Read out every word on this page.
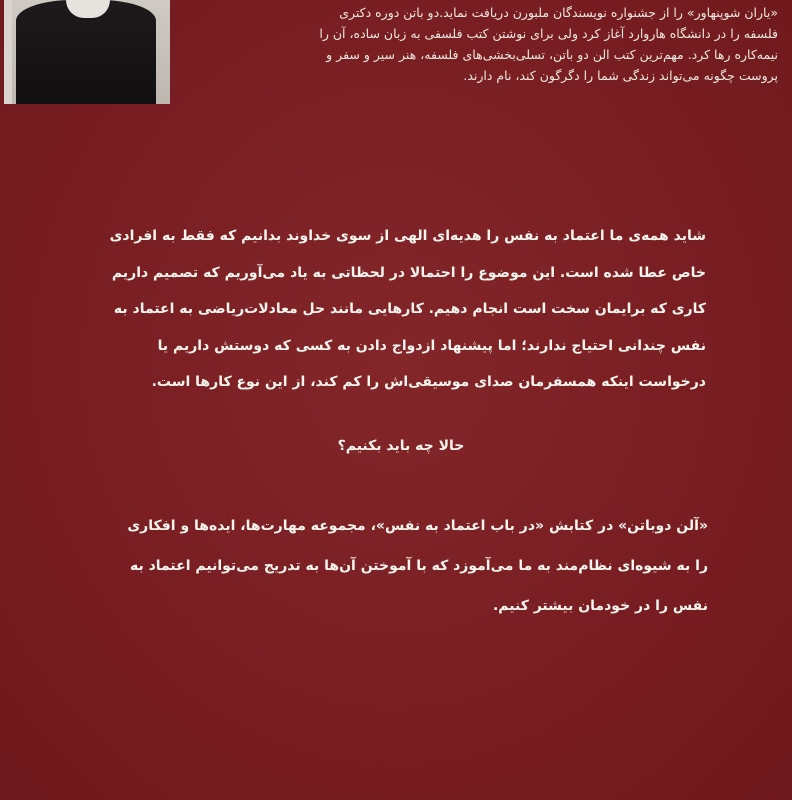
«یاران شوپنهاور» را از جشنواره نویسندگان ملبورن دریافت نماید.دو باتن دوره دکتری
فلسفه را در دانشگاه هاروارد آغاز کرد ولی برای نوشتن کتب فلسفی به زبان ساده، آن را
نیمه‌کاره رها کرد. مهم‌ترین کتب الن دو باتن، تسلی‌بخشی‌های فلسفه، هنر سیر و سفر و
پروست چگونه می‌تواند زندگی شما را دگرگون کند، نام دارند.

شاید همه‌ی ما اعتماد به نفس را هدیه‌ای الهی از سوی خداوند بدانیم که فقط به افرادی
خاص عطا شده است. این موضوع را احتمالا در لحظاتی به یاد می‌آوریم که تصمیم داریم
کاری که برایمان سخت است انجام دهیم. کارهایی مانند حل معادلات‌ریاضی به اعتماد به
نفس چندانی احتیاج ندارند؛ اما پیشنهاد ازدواج دادن به کسی که دوستش داریم یا
درخواست اینکه همسفرمان صدای موسیقی‌اش را کم کند، از این نوع کارها است.
حالا چه باید بکنیم؟
«آلن دوباتن» در کتابش «در باب اعتماد به نفس»، مجموعه مهارت‌ها، ایده‌ها و افکاری
را به شیوه‌ای نظام‌مند به ما می‌آموزد که با آموختن آن‌ها به تدریج می‌توانیم اعتماد به
نفس را در خودمان بیشتر کنیم.
